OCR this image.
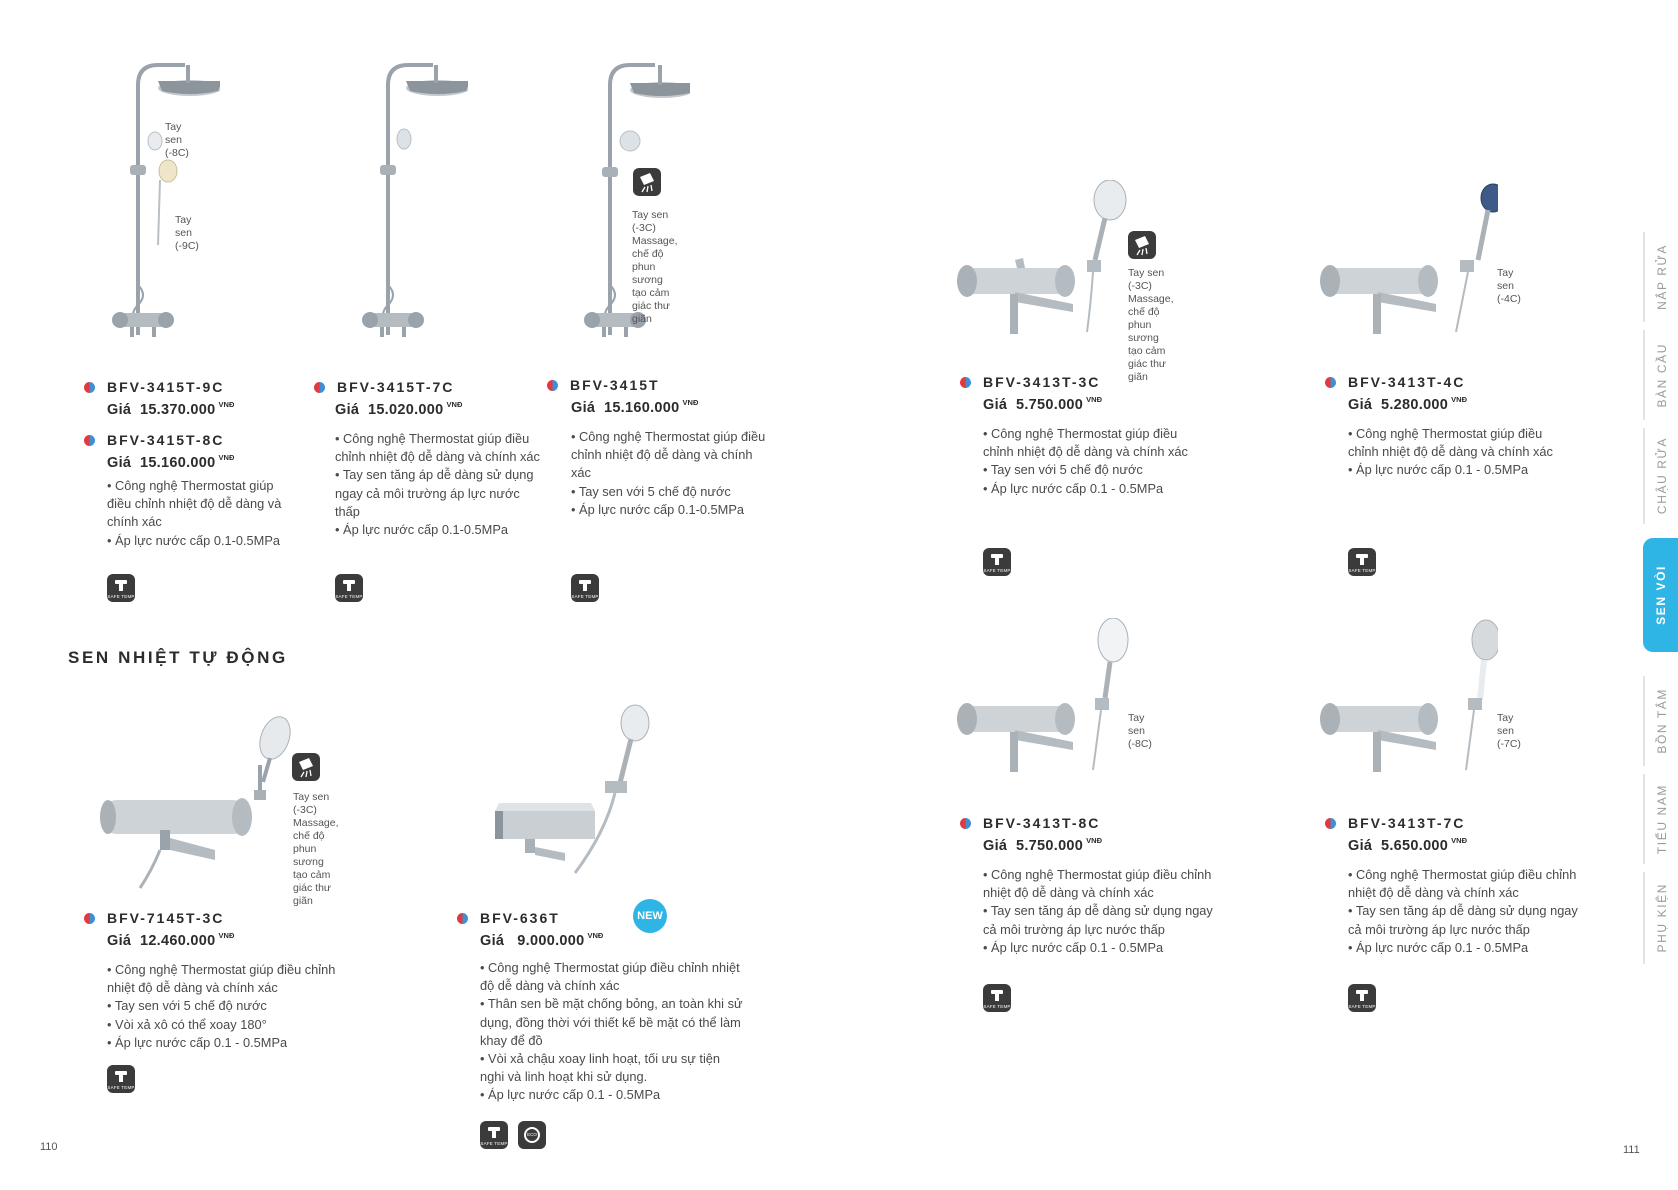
Tay sen
(-8C)
Tay sen
(-9C)
BFV-3415T-9C
Giá 15.370.000 $^{VNĐ}$
BFV-3415T-8C
Giá 15.160.000 $^{VNĐ}$
• Công nghệ Thermostat giúp điều chỉnh nhiệt độ dễ dàng và chính xác
• Áp lực nước cấp 0.1-0.5MPa
SAFE TEMP
BFV-3415T-7C
Giá 15.020.000 $^{VNĐ}$
• Công nghệ Thermostat giúp điều chỉnh nhiệt độ dễ dàng và chính xác
• Tay sen tăng áp dễ dàng sử dụng ngay cả môi trường áp lực nước thấp
• Áp lực nước cấp 0.1-0.5MPa
SAFE TEMP
Tay sen (-3C)
Massage,
chế độ phun
sương tạo cảm
giác thư giãn
BFV-3415T
Giá 15.160.000 $^{VNĐ}$
• Công nghệ Thermostat giúp điều chỉnh nhiệt độ dễ dàng và chính xác
• Tay sen với 5 chế độ nước
• Áp lực nước cấp 0.1-0.5MPa
SAFE TEMP
SEN NHIỆT TỰ ĐỘNG
Tay sen (-3C)
Massage,
chế độ phun
sương tạo cảm
giác thư giãn
BFV-7145T-3C
Giá 12.460.000 $^{VNĐ}$
• Công nghệ Thermostat giúp điều chỉnh nhiệt độ dễ dàng và chính xác
• Tay sen với 5 chế độ nước
• Vòi xả xô có thể xoay 180°
• Áp lực nước cấp 0.1 - 0.5MPa
SAFE TEMP
NEW
BFV-636T
Giá 9.000.000 $^{VNĐ}$
• Công nghệ Thermostat giúp điều chỉnh nhiệt độ dễ dàng và chính xác
• Thân sen bề mặt chống bỏng, an toàn khi sử dụng, đồng thời với thiết kế bề mặt có thể làm khay để đồ
• Vòi xả chậu xoay linh hoạt, tối ưu sự tiện nghi và linh hoạt khi sử dụng.
• Áp lực nước cấp 0.1 - 0.5MPa
SAFE TEMP
ECO
110
Tay sen (-3C)
Massage,
chế độ phun
sương tạo cảm
giác thư giãn
BFV-3413T-3C
Giá 5.750.000 $^{VNĐ}$
• Công nghệ Thermostat giúp điều chỉnh nhiệt độ dễ dàng và chính xác
• Tay sen với 5 chế độ nước
• Áp lực nước cấp 0.1 - 0.5MPa
SAFE TEMP
Tay sen
(-4C)
BFV-3413T-4C
Giá 5.280.000 $^{VNĐ}$
• Công nghệ Thermostat giúp điều chỉnh nhiệt độ dễ dàng và chính xác
• Áp lực nước cấp 0.1 - 0.5MPa
SAFE TEMP
Tay sen
(-8C)
BFV-3413T-8C
Giá 5.750.000 $^{VNĐ}$
• Công nghệ Thermostat giúp điều chỉnh nhiệt độ dễ dàng và chính xác
• Tay sen tăng áp dễ dàng sử dụng ngay cả môi trường áp lực nước thấp
• Áp lực nước cấp 0.1 - 0.5MPa
SAFE TEMP
Tay sen
(-7C)
BFV-3413T-7C
Giá 5.650.000 $^{VNĐ}$
• Công nghệ Thermostat giúp điều chỉnh nhiệt độ dễ dàng và chính xác
• Tay sen tăng áp dễ dàng sử dụng ngay cả môi trường áp lực nước thấp
• Áp lực nước cấp 0.1 - 0.5MPa
SAFE TEMP
NẮP RỬA
BÀN CẦU
CHẬU RỬA
SEN VÒI
BỒN TẮM
TIỂU NAM
PHỤ KIỆN
111
